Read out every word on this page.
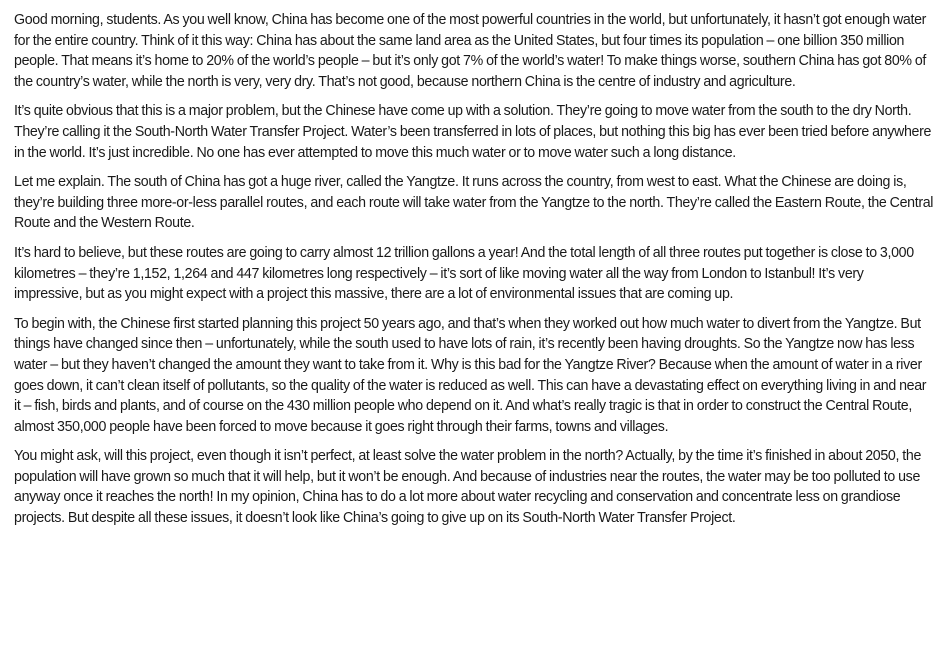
Good morning, students. As you well know, China has become one of the most powerful countries in the world, but unfortunately, it hasn’t got enough water for the entire country. Think of it this way: China has about the same land area as the United States, but four times its population – one billion 350 million people. That means it’s home to 20% of the world’s people – but it’s only got 7% of the world’s water! To make things worse, southern China has got 80% of the country’s water, while the north is very, very dry. That’s not good, because northern China is the centre of industry and agriculture.

It’s quite obvious that this is a major problem, but the Chinese have come up with a solution. They’re going to move water from the south to the dry North. They’re calling it the South-North Water Transfer Project. Water’s been transferred in lots of places, but nothing this big has ever been tried before anywhere in the world. It’s just incredible. No one has ever attempted to move this much water or to move water such a long distance.

Let me explain. The south of China has got a huge river, called the Yangtze. It runs across the country, from west to east. What the Chinese are doing is, they’re building three more-or-less parallel routes, and each route will take water from the Yangtze to the north. They’re called the Eastern Route, the Central Route and the Western Route.

It’s hard to believe, but these routes are going to carry almost 12 trillion gallons a year! And the total length of all three routes put together is close to 3,000 kilometres – they’re 1,152, 1,264 and 447 kilometres long respectively – it’s sort of like moving water all the way from London to Istanbul! It’s very impressive, but as you might expect with a project this massive, there are a lot of environmental issues that are coming up.

To begin with, the Chinese first started planning this project 50 years ago, and that’s when they worked out how much water to divert from the Yangtze. But things have changed since then – unfortunately, while the south used to have lots of rain, it’s recently been having droughts. So the Yangtze now has less water – but they haven’t changed the amount they want to take from it. Why is this bad for the Yangtze River? Because when the amount of water in a river goes down, it can’t clean itself of pollutants, so the quality of the water is reduced as well. This can have a devastating effect on everything living in and near it – fish, birds and plants, and of course on the 430 million people who depend on it. And what’s really tragic is that in order to construct the Central Route, almost 350,000 people have been forced to move because it goes right through their farms, towns and villages.

You might ask, will this project, even though it isn’t perfect, at least solve the water problem in the north? Actually, by the time it’s finished in about 2050, the population will have grown so much that it will help, but it won’t be enough. And because of industries near the routes, the water may be too polluted to use anyway once it reaches the north! In my opinion, China has to do a lot more about water recycling and conservation and concentrate less on grandiose projects. But despite all these issues, it doesn’t look like China’s going to give up on its South-North Water Transfer Project.
